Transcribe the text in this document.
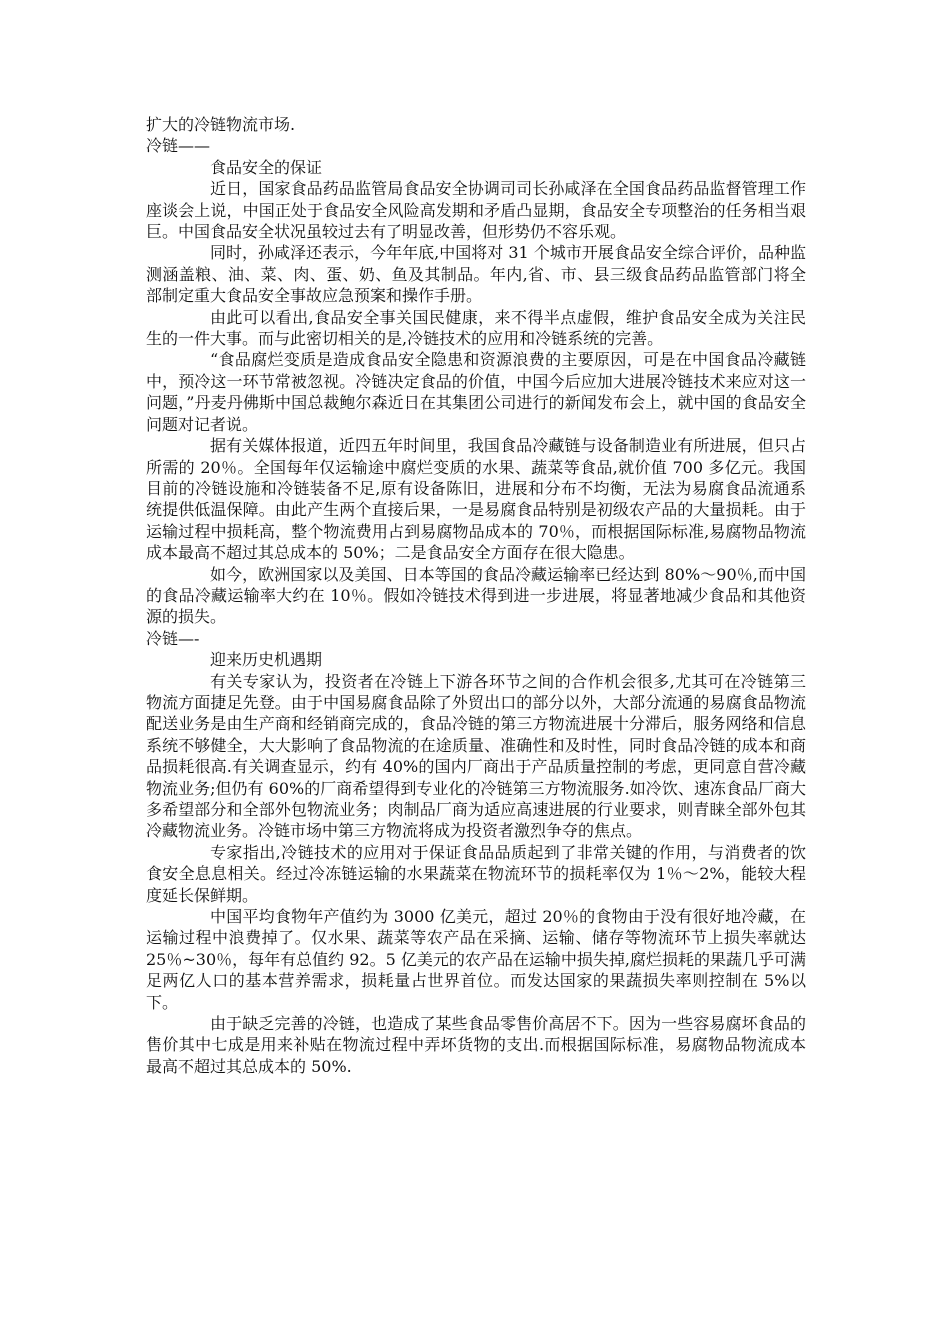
扩大的冷链物流市场.

冷链——

食品安全的保证

近日，国家食品药品监管局食品安全协调司司长孙咸泽在全国食品药品监督管理工作座谈会上说，中国正处于食品安全风险高发期和矛盾凸显期，食品安全专项整治的任务相当艰巨。中国食品安全状况虽较过去有了明显改善，但形势仍不容乐观。

同时，孙咸泽还表示，今年年底,中国将对 31 个城市开展食品安全综合评价，品种监测涵盖粮、油、菜、肉、蛋、奶、鱼及其制品。年内,省、市、县三级食品药品监管部门将全部制定重大食品安全事故应急预案和操作手册。

由此可以看出,食品安全事关国民健康，来不得半点虚假，维护食品安全成为关注民生的一件大事。而与此密切相关的是,冷链技术的应用和冷链系统的完善。

“食品腐烂变质是造成食品安全隐患和资源浪费的主要原因，可是在中国食品冷藏链中，预冷这一环节常被忽视。冷链决定食品的价值，中国今后应加大进展冷链技术来应对这一问题，”丹麦丹佛斯中国总裁鲍尔森近日在其集团公司进行的新闻发布会上，就中国的食品安全问题对记者说。

据有关媒体报道，近四五年时间里，我国食品冷藏链与设备制造业有所进展，但只占所需的 20％。全国每年仅运输途中腐烂变质的水果、蔬菜等食品,就价值 700 多亿元。我国目前的冷链设施和冷链装备不足,原有设备陈旧，进展和分布不均衡，无法为易腐食品流通系统提供低温保障。由此产生两个直接后果，一是易腐食品特别是初级农产品的大量损耗。由于运输过程中损耗高，整个物流费用占到易腐物品成本的 70％，而根据国际标准,易腐物品物流成本最高不超过其总成本的 50%；二是食品安全方面存在很大隐患。

如今，欧洲国家以及美国、日本等国的食品冷藏运输率已经达到 80%～90％,而中国的食品冷藏运输率大约在 10％。假如冷链技术得到进一步进展，将显著地减少食品和其他资源的损失。

冷链—-

迎来历史机遇期

有关专家认为，投资者在冷链上下游各环节之间的合作机会很多,尤其可在冷链第三物流方面捷足先登。由于中国易腐食品除了外贸出口的部分以外，大部分流通的易腐食品物流配送业务是由生产商和经销商完成的，食品冷链的第三方物流进展十分滞后，服务网络和信息系统不够健全，大大影响了食品物流的在途质量、准确性和及时性，同时食品冷链的成本和商品损耗很高.有关调查显示，约有 40%的国内厂商出于产品质量控制的考虑，更同意自营冷藏物流业务;但仍有 60%的厂商希望得到专业化的冷链第三方物流服务.如冷饮、速冻食品厂商大多希望部分和全部外包物流业务；肉制品厂商为适应高速进展的行业要求，则青睐全部外包其冷藏物流业务。冷链市场中第三方物流将成为投资者激烈争夺的焦点。

专家指出,冷链技术的应用对于保证食品品质起到了非常关键的作用，与消费者的饮食安全息息相关。经过冷冻链运输的水果蔬菜在物流环节的损耗率仅为 1％～2%，能较大程度延长保鲜期。

中国平均食物年产值约为 3000 亿美元，超过 20％的食物由于没有很好地冷藏，在运输过程中浪费掉了。仅水果、蔬菜等农产品在采摘、运输、储存等物流环节上损失率就达 25％~30％，每年有总值约 92。5 亿美元的农产品在运输中损失掉,腐烂损耗的果蔬几乎可满足两亿人口的基本营养需求，损耗量占世界首位。而发达国家的果蔬损失率则控制在 5%以下。

由于缺乏完善的冷链，也造成了某些食品零售价高居不下。因为一些容易腐坏食品的售价其中七成是用来补贴在物流过程中弄坏货物的支出.而根据国际标准，易腐物品物流成本最高不超过其总成本的 50%.
